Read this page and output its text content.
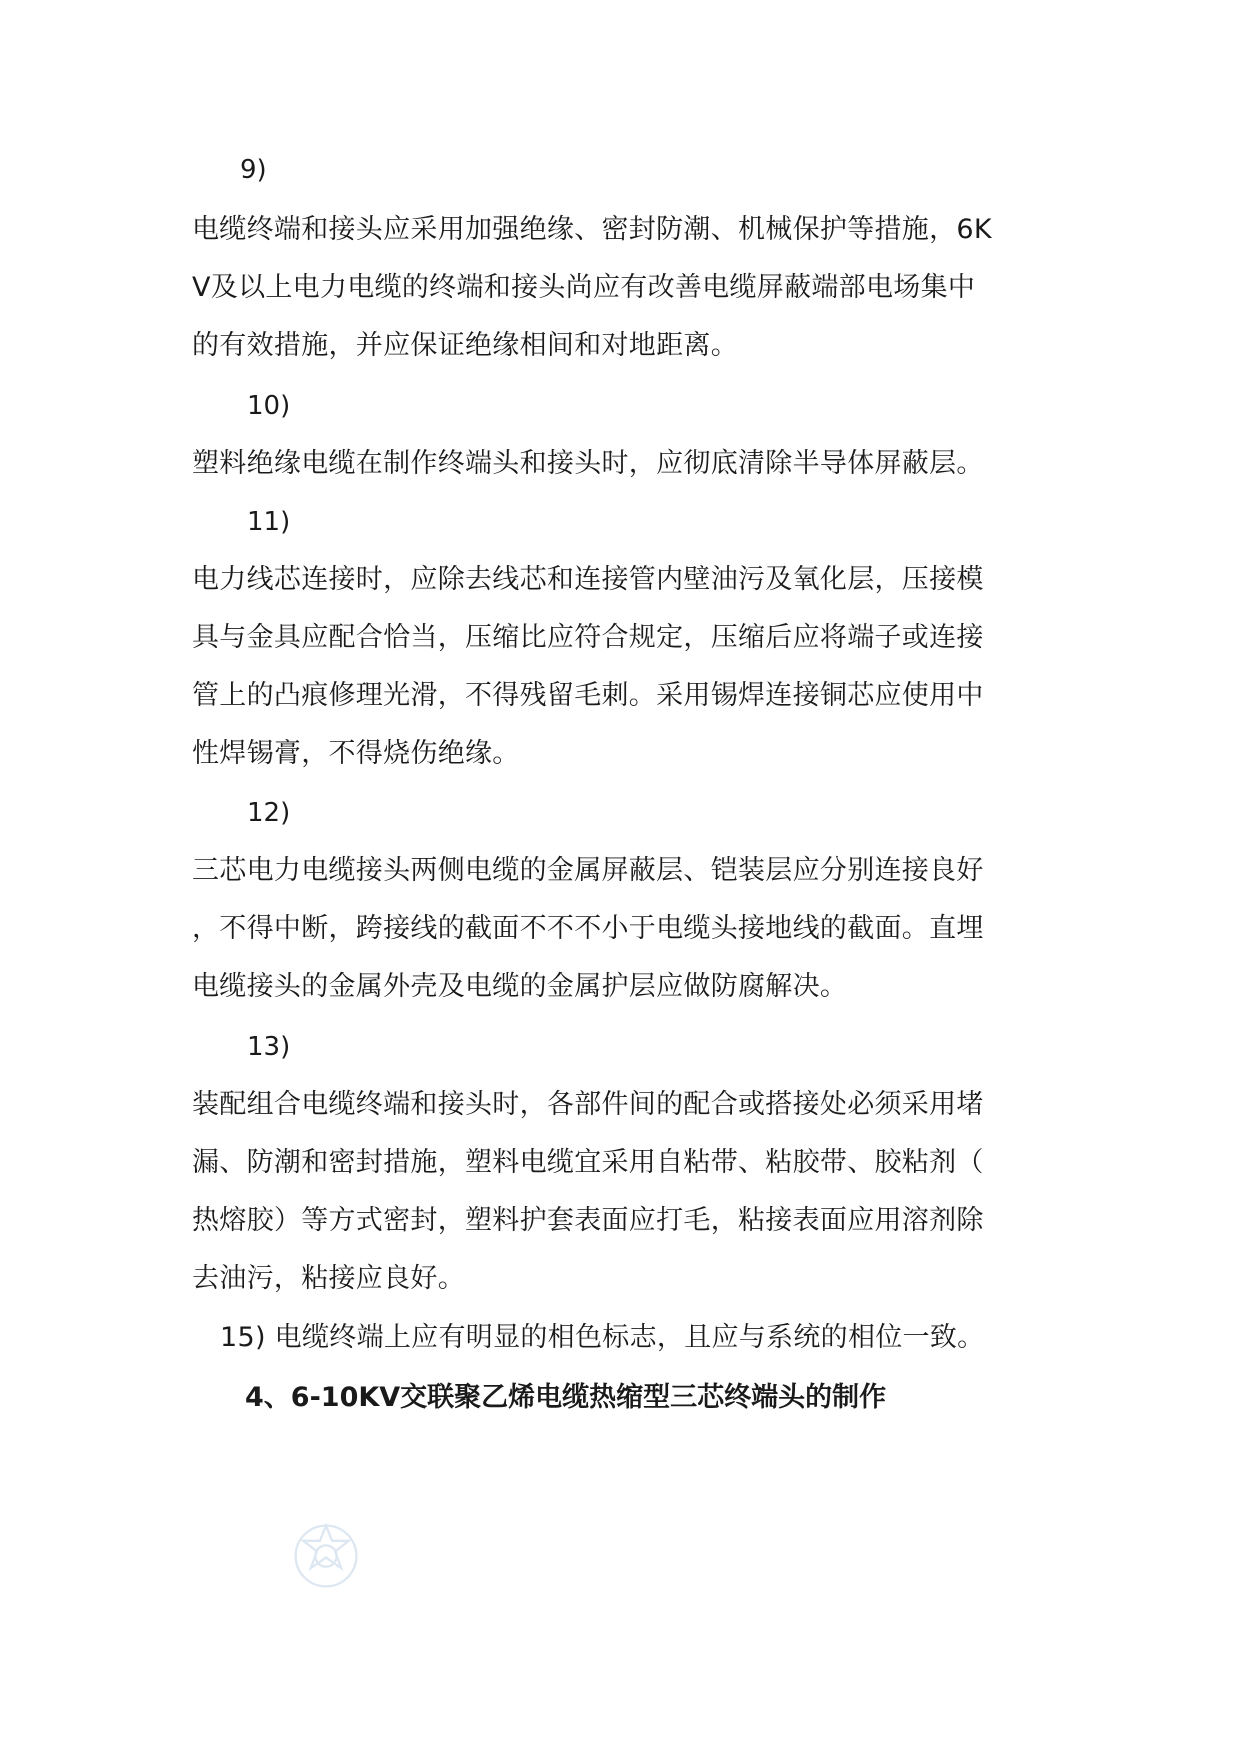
9)
电缆终端和接头应采用加强绝缘、密封防潮、机械保护等措施，6K
V及以上电力电缆的终端和接头尚应有改善电缆屏蔽端部电场集中
的有效措施，并应保证绝缘相间和对地距离。
10)
塑料绝缘电缆在制作终端头和接头时，应彻底清除半导体屏蔽层。
11)
电力线芯连接时，应除去线芯和连接管内壁油污及氧化层，压接模
具与金具应配合恰当，压缩比应符合规定，压缩后应将端子或连接
管上的凸痕修理光滑，不得残留毛刺。采用锡焊连接铜芯应使用中
性焊锡膏，不得烧伤绝缘。
12)
三芯电力电缆接头两侧电缆的金属屏蔽层、铠装层应分别连接良好
，不得中断，跨接线的截面不不不小于电缆头接地线的截面。直埋
电缆接头的金属外壳及电缆的金属护层应做防腐解决。
13)
装配组合电缆终端和接头时，各部件间的配合或搭接处必须采用堵
漏、防潮和密封措施，塑料电缆宜采用自粘带、粘胶带、胶粘剂（
热熔胶）等方式密封，塑料护套表面应打毛，粘接表面应用溶剂除
去油污，粘接应良好。
15) 电缆终端上应有明显的相色标志，且应与系统的相位一致。
4、6-10KV交联聚乙烯电缆热缩型三芯终端头的制作
